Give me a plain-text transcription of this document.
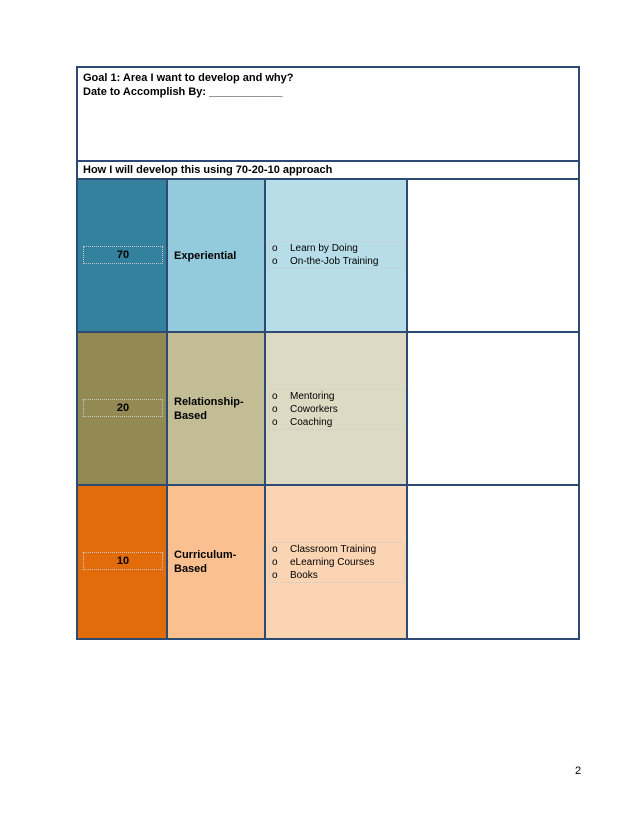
Goal 1: Area I want to develop and why?
Date to Accomplish By: ____________
How I will develop this using 70-20-10 approach
70	Experiential
o	Learn by Doing
o	On-the-Job Training
20	Relationship-
Based
o	Mentoring
o	Coworkers
o	Coaching
10	Curriculum-
Based
o	Classroom Training
o	eLearning Courses
o	Books
2
